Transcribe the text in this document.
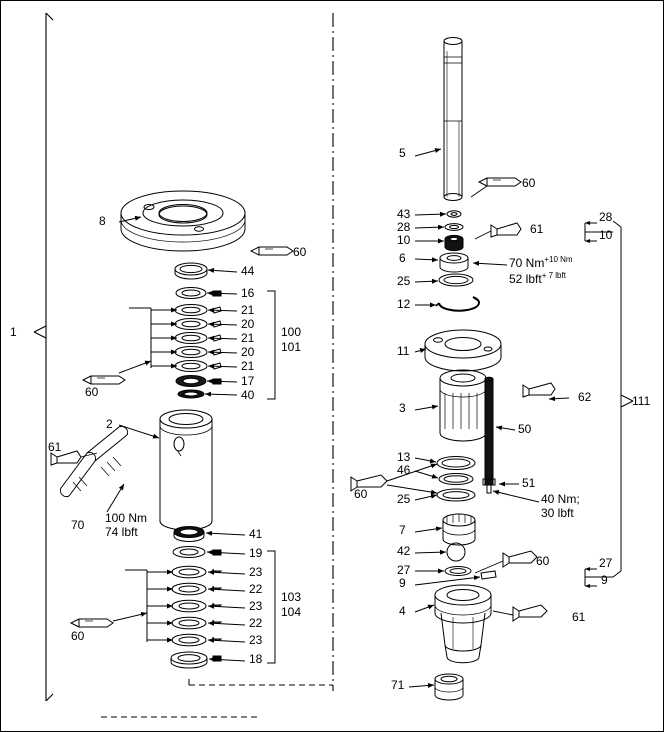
1
8
44
60
16
21
20
21
20
21
17
40
100
101
60
2
61
70
41
19
23
22
23
22
23
18
103
104
60
100 Nm
74 lbft
5
60
43
28
10
61
6
25
12
11
3
62
50
13
46
60 25
51
7
42
27
9
60
4	61
71
28
10
111
27
9
70 $Nm^{+10 Nm}$
52 lbft$^{+ 7 lbft}$
40 Nm;
30 lbft
